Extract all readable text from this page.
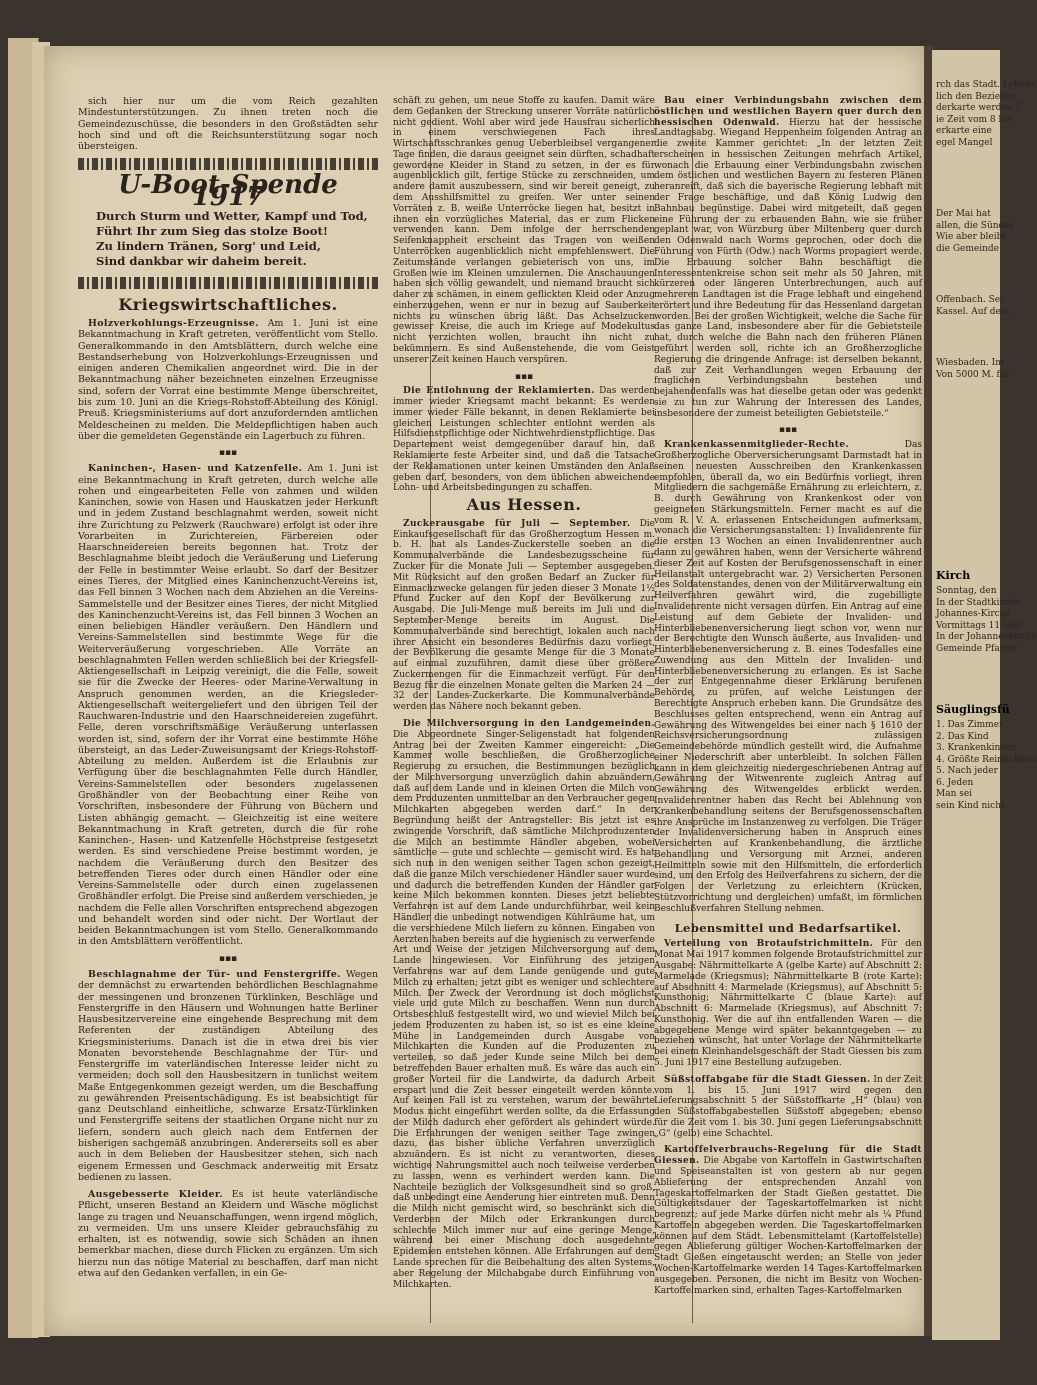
sich hier nur um die vom Reich gezahlten Mindestunterstützungen. Zu ihnen treten noch die Gemeindezuschüsse, die besonders in den Großstädten sehr hoch sind und oft die Reichsunterstützung sogar noch übersteigen.

U-Boot-Spende 1917
Durch Sturm und Wetter, Kampf und Tod,
Führt Ihr zum Sieg das stolze Boot!
Zu lindern Tränen, Sorg' und Leid,
Sind dankbar wir daheim bereit.
Kriegswirtschaftliches.

Holzverkohlungs-Erzeugnisse. Am 1. Juni ist eine Bekanntmachung in Kraft getreten, veröffentlicht vom Stello. Generalkommando in den Amtsblättern, durch welche eine Bestandserhebung von Holzverkohlungs-Erzeugnissen und einigen anderen Chemikalien angeordnet wird. Die in der Bekanntmachung näher bezeichneten einzelnen Erzeugnisse sind, sofern der Vorrat eine bestimmte Menge überschreitet, bis zum 10. Juni an die Kriegs-Rohstoff-Abteilung des Königl. Preuß. Kriegsministeriums auf dort anzufordernden amtlichen Meldescheinen zu melden. Die Meldepflichtigen haben auch über die gemeldeten Gegenstände ein Lagerbuch zu führen.

▪▪▪

Kaninchen-, Hasen- und Katzenfelle. Am 1. Juni ist eine Bekanntmachung in Kraft getreten, durch welche alle rohen und eingearbeiteten Felle von zahmen und wilden Kaninchen, sowie von Hasen und Hauskatzen jeder Herkunft und in jedem Zustand beschlagnahmt werden, soweit nicht ihre Zurichtung zu Pelzwerk (Rauchware) erfolgt ist oder ihre Vorarbeiten in Zurichtereien, Färbereien oder Haarschneidereien bereits begonnen hat. Trotz der Beschlagnahme bleibt jedoch die Veräußerung und Lieferung der Felle in bestimmter Weise erlaubt. So darf der Besitzer eines Tieres, der Mitglied eines Kaninchenzucht-Vereins ist, das Fell binnen 3 Wochen nach dem Abziehen an die Vereins-Sammelstelle und der Besitzer eines Tieres, der nicht Mitglied des Kaninchenzucht-Vereins ist, das Fell binnen 3 Wochen an einen beliebigen Händler veräußern. Den Händlern und Vereins-Sammelstellen sind bestimmte Wege für die Weiterveräußerung vorgeschrieben. Alle Vorräte an beschlagnahmten Fellen werden schließlich bei der Kriegsfell-Aktiengesellschaft in Leipzig vereinigt, die die Felle, soweit sie für die Zwecke der Heeres- oder Marine-Verwaltung in Anspruch genommen werden, an die Kriegsleder-Aktiengesellschaft weitergeliefert und den übrigen Teil der Rauchwaren-Industrie und den Haarschneidereien zugeführt. Felle, deren vorschriftsmäßige Veräußerung unterlassen worden ist, sind, sofern der ihr Vorrat eine bestimmte Höhe übersteigt, an das Leder-Zuweisungsamt der Kriegs-Rohstoff-Abteilung zu melden. Außerdem ist die Erlaubnis zur Verfügung über die beschlagnahmten Felle durch Händler, Vereins-Sammelstellen oder besonders zugelassenen Großhändler von der Beobachtung einer Reihe von Vorschriften, insbesondere der Führung von Büchern und Listen abhängig gemacht. — Gleichzeitig ist eine weitere Bekanntmachung in Kraft getreten, durch die für rohe Kaninchen-, Hasen- und Katzenfelle Höchstpreise festgesetzt werden. Es sind verschiedene Preise bestimmt worden, je nachdem die Veräußerung durch den Besitzer des betreffenden Tieres oder durch einen Händler oder eine Vereins-Sammelstelle oder durch einen zugelassenen Großhändler erfolgt. Die Preise sind außerdem verschieden, je nachdem die Felle allen Vorschriften entsprechend abgezogen und behandelt worden sind oder nicht. Der Wortlaut der beiden Bekanntmachungen ist vom Stello. Generalkommando in den Amtsblättern veröffentlicht.

▪▪▪

Beschlagnahme der Tür- und Fenstergriffe. Wegen der demnächst zu erwartenden behördlichen Beschlagnahme der messingenen und bronzenen Türklinken, Beschläge und Fenstergriffe in den Häusern und Wohnungen hatte Berliner Hausbesitzervereine eine eingehende Besprechung mit dem Referenten der zuständigen Abteilung des Kriegsministeriums. Danach ist die in etwa drei bis vier Monaten bevorstehende Beschlagnahme der Tür- und Fenstergriffe im vaterländischen Interesse leider nicht zu vermeiden; doch soll den Hausbesitzern in tunlichst weitem Maße Entgegenkommen gezeigt werden, um die Beschaffung zu gewährenden Preisentschädigung. Es ist beabsichtigt für ganz Deutschland einheitliche, schwarze Ersatz-Türklinken und Fenstergriffe seitens der staatlichen Organe nicht nur zu liefern, sondern auch gleich nach dem Entfernen der bisherigen sachgemäß anzubringen. Andererseits soll es aber auch in dem Belieben der Hausbesitzer stehen, sich nach eigenem Ermessen und Geschmack anderweitig mit Ersatz bedienen zu lassen.

Ausgebesserte Kleider. Es ist heute vaterländische Pflicht, unseren Bestand an Kleidern und Wäsche möglichst lange zu tragen und Neuanschaffungen, wenn irgend möglich, zu vermeiden. Um uns unsere Kleider gebrauchsfähig zu erhalten, ist es notwendig, sowie sich Schäden an ihnen bemerkbar machen, diese durch Flicken zu ergänzen. Um sich hierzu nun das nötige Material zu beschaffen, darf man nicht etwa auf den Gedanken verfallen, in ein Ge-

schäft zu gehen, um neue Stoffe zu kaufen. Damit wäre dem Gedanken der Streckung unserer Vorräte natürlich nicht gedient. Wohl aber wird jede Hausfrau sicherlich in einem verschwiegenen Fach ihres Wirtschaftsschrankes genug Ueberbleibsel vergangener Tage finden, die daraus geeignet sein dürften, schadhaft gewordene Kleider in Stand zu setzen, in der es für augenblicklich gilt, fertige Stücke zu zerschneiden, um andere damit auszubessern, sind wir bereit geneigt, zu dem Ausshilfsmittel zu greifen. Wer unter seinen Vorräten z. B. weiße Unterröcke liegen hat, besitzt in ihnen ein vorzügliches Material, das er zum Flicken verwenden kann. Dem infolge der herrschenden Seifenknappheit erscheint das Tragen von weißen Unterröcken augenblicklich nicht empfehlenswert. Die Zeitumstände verlangen gebieterisch von uns, im Großen wie im Kleinen umzulernen. Die Anschauungen haben sich völlig gewandelt, und niemand braucht sich daher zu schämen, in einem geflickten Kleid oder Anzug einherzugehen, wenn er nur in bezug auf Sauberkeit nichts zu wünschen übrig läßt. Das Achselzucken gewisser Kreise, die auch im Kriege auf Modekultus nicht verzichten wollen, braucht ihn nicht zu bekümmern. Es sind Außenstehende, die vom Geist unserer Zeit keinen Hauch verspüren.

▪▪▪

Die Entlohnung der Reklamierten. Das werden immer wieder Kriegsamt macht bekannt: Es werden immer wieder Fälle bekannt, in denen Reklamierte bei gleichen Leistungen schlechter entlohnt werden als Hilfsdienstpflichtige oder Nichtwehrdienstpflichtige. Das Departement weist demgegenüber darauf hin, daß Reklamierte feste Arbeiter sind, und daß die Tatsache der Reklamationen unter keinen Umständen den Anlaß geben darf, besonders, von dem üblichen abweichende Lohn- und Arbeitsbedingungen zu schaffen.

Aus Hessen.

Zuckerausgabe für Juli — September. Die Einkaufsgesellschaft für das Großherzogtum Hessen m. b. H. hat als Landes-Zuckerstelle soeben an die Kommunalverbände die Landesbezugsscheine für Zucker für die Monate Juli — September ausgegeben. Mit Rücksicht auf den großen Bedarf an Zucker für Einmachzwecke gelangen für jeden dieser 3 Monate 1½ Pfund Zucker auf den Kopf der Bevölkerung zur Ausgabe. Die Juli-Menge muß bereits im Juli und die September-Menge bereits im August. Die Kommunalverbände sind berechtigt, lokalen auch nach ihrer Ansicht ein besonderes Bedürfnis dazu vorliegt, der Bevölkerung die gesamte Menge für die 3 Monate auf einmal zuzuführen, damit diese über größere Zuckermengen für die Einmachzeit verfügt. Für den Bezug für die einzelnen Monate gelten die Marken 24 — 32 der Landes-Zuckerkarte. Die Kommunalverbände werden das Nähere noch bekannt geben.

Die Milchversorgung in den Landgemeinden. Die Abgeordnete Singer-Seligenstadt hat folgenden Antrag bei der Zweiten Kammer eingereicht: „Die Kammer wolle beschließen, die Großherzogliche Regierung zu ersuchen, die Bestimmungen bezüglich der Milchversorgung unverzüglich dahin abzuändern, daß auf dem Lande und in kleinen Orten die Milch von dem Produzenten unmittelbar an den Verbraucher gegen Milchkarten abgegeben werden darf.“ In der Begründung heißt der Antragsteller: Bis jetzt ist es zwingende Vorschrift, daß sämtliche Milchproduzenten die Milch an bestimmte Händler abgeben, wobei sämtliche — gute und schlechte — gemischt wird. Es hat sich nun in den wenigen seither Tagen schon gezeigt, daß die ganze Milch verschiedener Händler sauer wurde und dadurch die betreffenden Kunden der Händler gar keine Milch bekommen konnten. Dieses jetzt beliebte Verfahren ist auf dem Lande undurchführbar, weil kein Händler die unbedingt notwendigen Kühlräume hat, um die verschiedene Milch liefern zu können. Eingaben von Aerzten haben bereits auf die hygienisch zu verwerfende Art und Weise der jetzigen Milchversorgung auf dem Lande hingewiesen. Vor Einführung des jetzigen Verfahrens war auf dem Lande genügende und gute Milch zu erhalten; jetzt gibt es weniger und schlechtere Milch. Der Zweck der Verordnung ist doch möglichst viele und gute Milch zu beschaffen. Wenn nun durch Ortsbeschluß festgestellt wird, wo und wieviel Milch bei jedem Produzenten zu haben ist, so ist es eine kleine Mühe in Landgemeinden durch Ausgabe von Milchkarten die Kunden auf die Produzenten zu verteilen, so daß jeder Kunde seine Milch bei dem betreffenden Bauer erhalten muß. Es wäre das auch ein großer Vorteil für die Landwirte, da dadurch Arbeit erspart und die Zeit besser eingeteilt werden könnte. Auf keinen Fall ist zu verstehen, warum der bewährte Modus nicht eingeführt werden sollte, da die Erfassung der Milch dadurch eher gefördert als gehindert würde. Die Erfahrungen der wenigen seither Tage zwingen dazu, das bisher übliche Verfahren unverzüglich abzuändern. Es ist nicht zu verantworten, dieses wichtige Nahrungsmittel auch noch teilweise verderben zu lassen, wenn es verhindert werden kann. Die Nachteile bezüglich der Volksgesundheit sind so groß, daß unbedingt eine Aenderung hier eintreten muß. Denn die Milch nicht gemischt wird, so beschränkt sich die Verderben der Milch oder Erkrankungen durch schlechte Milch immer nur auf eine geringe Menge, während bei einer Mischung doch ausgedehnte Epidemien entstehen können. Alle Erfahrungen auf dem Lande sprechen für die Beibehaltung des alten Systems, aber Regelung der Milchabgabe durch Einführung von Milchkarten.

Bau einer Verbindungsbahn zwischen dem östlichen und westlichen Bayern quer durch den hessischen Odenwald. Hierzu hat der hessische Landtagsabg. Wiegand Heppenheim folgenden Antrag an die zweite Kammer gerichtet: „In der letzten Zeit erscheinen in hessischen Zeitungen mehrfach Artikel, wonach die Erbauung einer Verbindungsbahn zwischen dem östlichen und westlichen Bayern zu festeren Plänen heranreift, daß sich die bayerische Regierung lebhaft mit der Frage beschäftige, und daß König Ludwig den Bahnbau begünstige. Dabei wird mitgeteilt, daß gegen eine Führung der zu erbauenden Bahn, wie sie früher geplant war, von Würzburg über Miltenberg quer durch den Odenwald nach Worms geprochen, oder doch die Führung von Fürth (Odw.) nach Worms propagiert werde. Die Erbauung solcher Bahn beschäftigt die Interessentenkreise schon seit mehr als 50 Jahren, mit kürzeren oder längeren Unterbrechungen, auch auf mehreren Landtagen ist die Frage lebhaft und eingehend erörtert und ihre Bedeutung für das Hessenland dargetan worden. Bei der großen Wichtigkeit, welche die Sache für das ganze Land, insbesondere aber für die Gebietsteile hat, durch welche die Bahn nach den früheren Plänen geführt werden soll, richte ich an Großherzogliche Regierung die dringende Anfrage: ist derselben bekannt, daß zur Zeit Verhandlungen wegen Erbauung der fraglichen Verbindungsbahn bestehen und bejahendenfalls was hat dieselbe getan oder was gedenkt sie zu tun zur Wahrung der Interessen des Landes, insbesondere der zumeist beteiligten Gebietsteile.“

▪▪▪

Krankenkassenmitglieder-Rechte.	Das Großherzogliche Oberversicherungsamt Darmstadt hat in seinen neuesten Ausschreiben den Krankenkassen empfohlen, überall da, wo ein Bedürfnis vorliegt, ihren Mitgliedern die sachgemäße Ernährung zu erleichtern, z. B. durch Gewährung von Krankenkost oder von geeigneten Stärkungsmitteln. Ferner macht es auf die vom R. V. A. erlassenen Entscheidungen aufmerksam, wonach die Versicherungsanstalten: 1) Invalidenrente für die ersten 13 Wochen an einen Invalidenrentner auch dann zu gewähren haben, wenn der Versicherte während dieser Zeit auf Kosten der Berufsgenossenschaft in einer Heilanstalt untergebracht war. 2) Versicherten Personen des Soldatenstandes, denen von der Militärverwaltung ein Heilverfahren gewährt wird, die zugebilligte Invalidenrente nicht versagen dürfen. Ein Antrag auf eine Leistung auf dem Gebiete der Invaliden- und Hinterbliebenenversicherung liegt schon vor, wenn nur der Berechtigte den Wunsch äußerte, aus Invaliden- und Hinterbliebenenversicherung z. B. eines Todesfalles eine Zuwendung aus den Mitteln der Invaliden- und Hinterbliebenenversicherung zu erlangen. Es ist Sache der zur Entgegennahme dieser Erklärung berufenen Behörde, zu prüfen, auf welche Leistungen der Berechtigte Anspruch erheben kann. Die Grundsätze des Beschlusses gelten entsprechend, wenn ein Antrag auf Gewährung des Witwengeldes bei einer nach § 1610 der Reichsversicherungsordnung zulässigen Gemeindebehörde mündlich gestellt wird, die Aufnahme einer Niederschrift aber unterbleibt. In solchen Fällen kann in dem gleichzeitig niedergeschriebenen Antrag auf Gewährung der Witwenrente zugleich Antrag auf Gewährung des Witwengeldes erblickt werden. Invalidenrentner haben das Recht bei Ablehnung von Krankenbehandlung seitens der Berufsgenossenschaften ihre Ansprüche im Instanzenweg zu verfolgen. Die Träger der Invalidenversicherung haben in Anspruch eines Versicherten auf Krankenbehandlung, die ärztliche Behandlung und Versorgung mit Arznei, anderen Heilmitteln sowie mit den Hilfsmitteln, die erforderlich sind, um den Erfolg des Heilverfahrens zu sichern, der die Folgen der Verletzung zu erleichtern (Krücken, Stützvorrichtung und dergleichen) umfaßt, im förmlichen Beschlußverfahren Stellung nehmen.

Lebensmittel und Bedarfsartikel.

Verteilung von Brotaufstrichmitteln. Für den Monat Mai 1917 kommen folgende Brotaufstrichmittel zur Ausgabe: Nährmittelkarte A (gelbe Karte) auf Abschnitt 2: Marmelade (Kriegsmus); Nährmittelkarte B (rote Karte): auf Abschnitt 4: Marmelade (Kriegsmus), auf Abschnitt 5: Kunsthonig; Nährmittelkarte C (blaue Karte): auf Abschnitt 6: Marmelade (Kriegsmus), auf Abschnitt 7: Kunsthonig. Wer die auf ihn entfallenden Waren — die abgegebene Menge wird später bekanntgegeben — zu beziehen wünscht, hat unter Vorlage der Nährmittelkarte bei einem Kleinhandelsgeschäft der Stadt Giessen bis zum 5. Juni 1917 eine Bestellung aufzugeben.

Süßstoffabgabe für die Stadt Giessen. In der Zeit vom 1. bis 15. Juni 1917 wird gegen den Lieferungsabschnitt 5 der Süßstoffkarte „H“ (blau) von den Süßstoffabgabestellen Süßstoff abgegeben; ebenso für die Zeit vom 1. bis 30. Juni gegen Lieferungsabschnitt „G“ (gelb) eine Schachtel.

Kartoffelverbrauchs-Regelung für die Stadt Giessen. Die Abgabe von Kartoffeln in Gastwirtschaften und Speiseanstalten ist von gestern ab nur gegen Ablieferung der entsprechenden Anzahl von Tageskartoffelmarken der Stadt Gießen gestattet. Die Gültigkeitsdauer der Tageskartoffelmarken ist nicht begrenzt; auf jede Marke dürfen nicht mehr als ¼ Pfund Kartoffeln abgegeben werden. Die Tageskartoffelmarken können auf dem Städt. Lebensmittelamt (Kartoffelstelle) gegen Ablieferung gültiger Wochen-Kartoffelmarken der Stadt Gießen eingetauscht werden; an Stelle von jeder Wochen-Kartoffelmarke werden 14 Tages-Kartoffelmarken ausgegeben. Personen, die nicht im Besitz von Wochen-Kartoffelmarken sind, erhalten Tages-Kartoffelmarken

rch das Stadt. Lebens
lich den Bezieher
derkarte werden 5
ie Zeit vom 8 bis
erkarte eine
egel Mangel
Der Mai hat
allen, die Sündes
Wie aber bleibt
die Gemeinde
Offenbach. Sei
Kassel. Auf dem
Wiesbaden. Im
Von 5000 M. für
Kirch
Sonntag, den
In der Stadtkirche
Johannes-Kirche
Vormittags 11 Uhr
In der Johanneskirche
Gemeinde Pfarrer
Säuglingsfü
1. Das Zimmer
2. Das Kind
3. Krankenkinder
4. Größte Reinlichkeit
5. Nach jeder
6. Jeden
Man sei
sein Kind nicht
